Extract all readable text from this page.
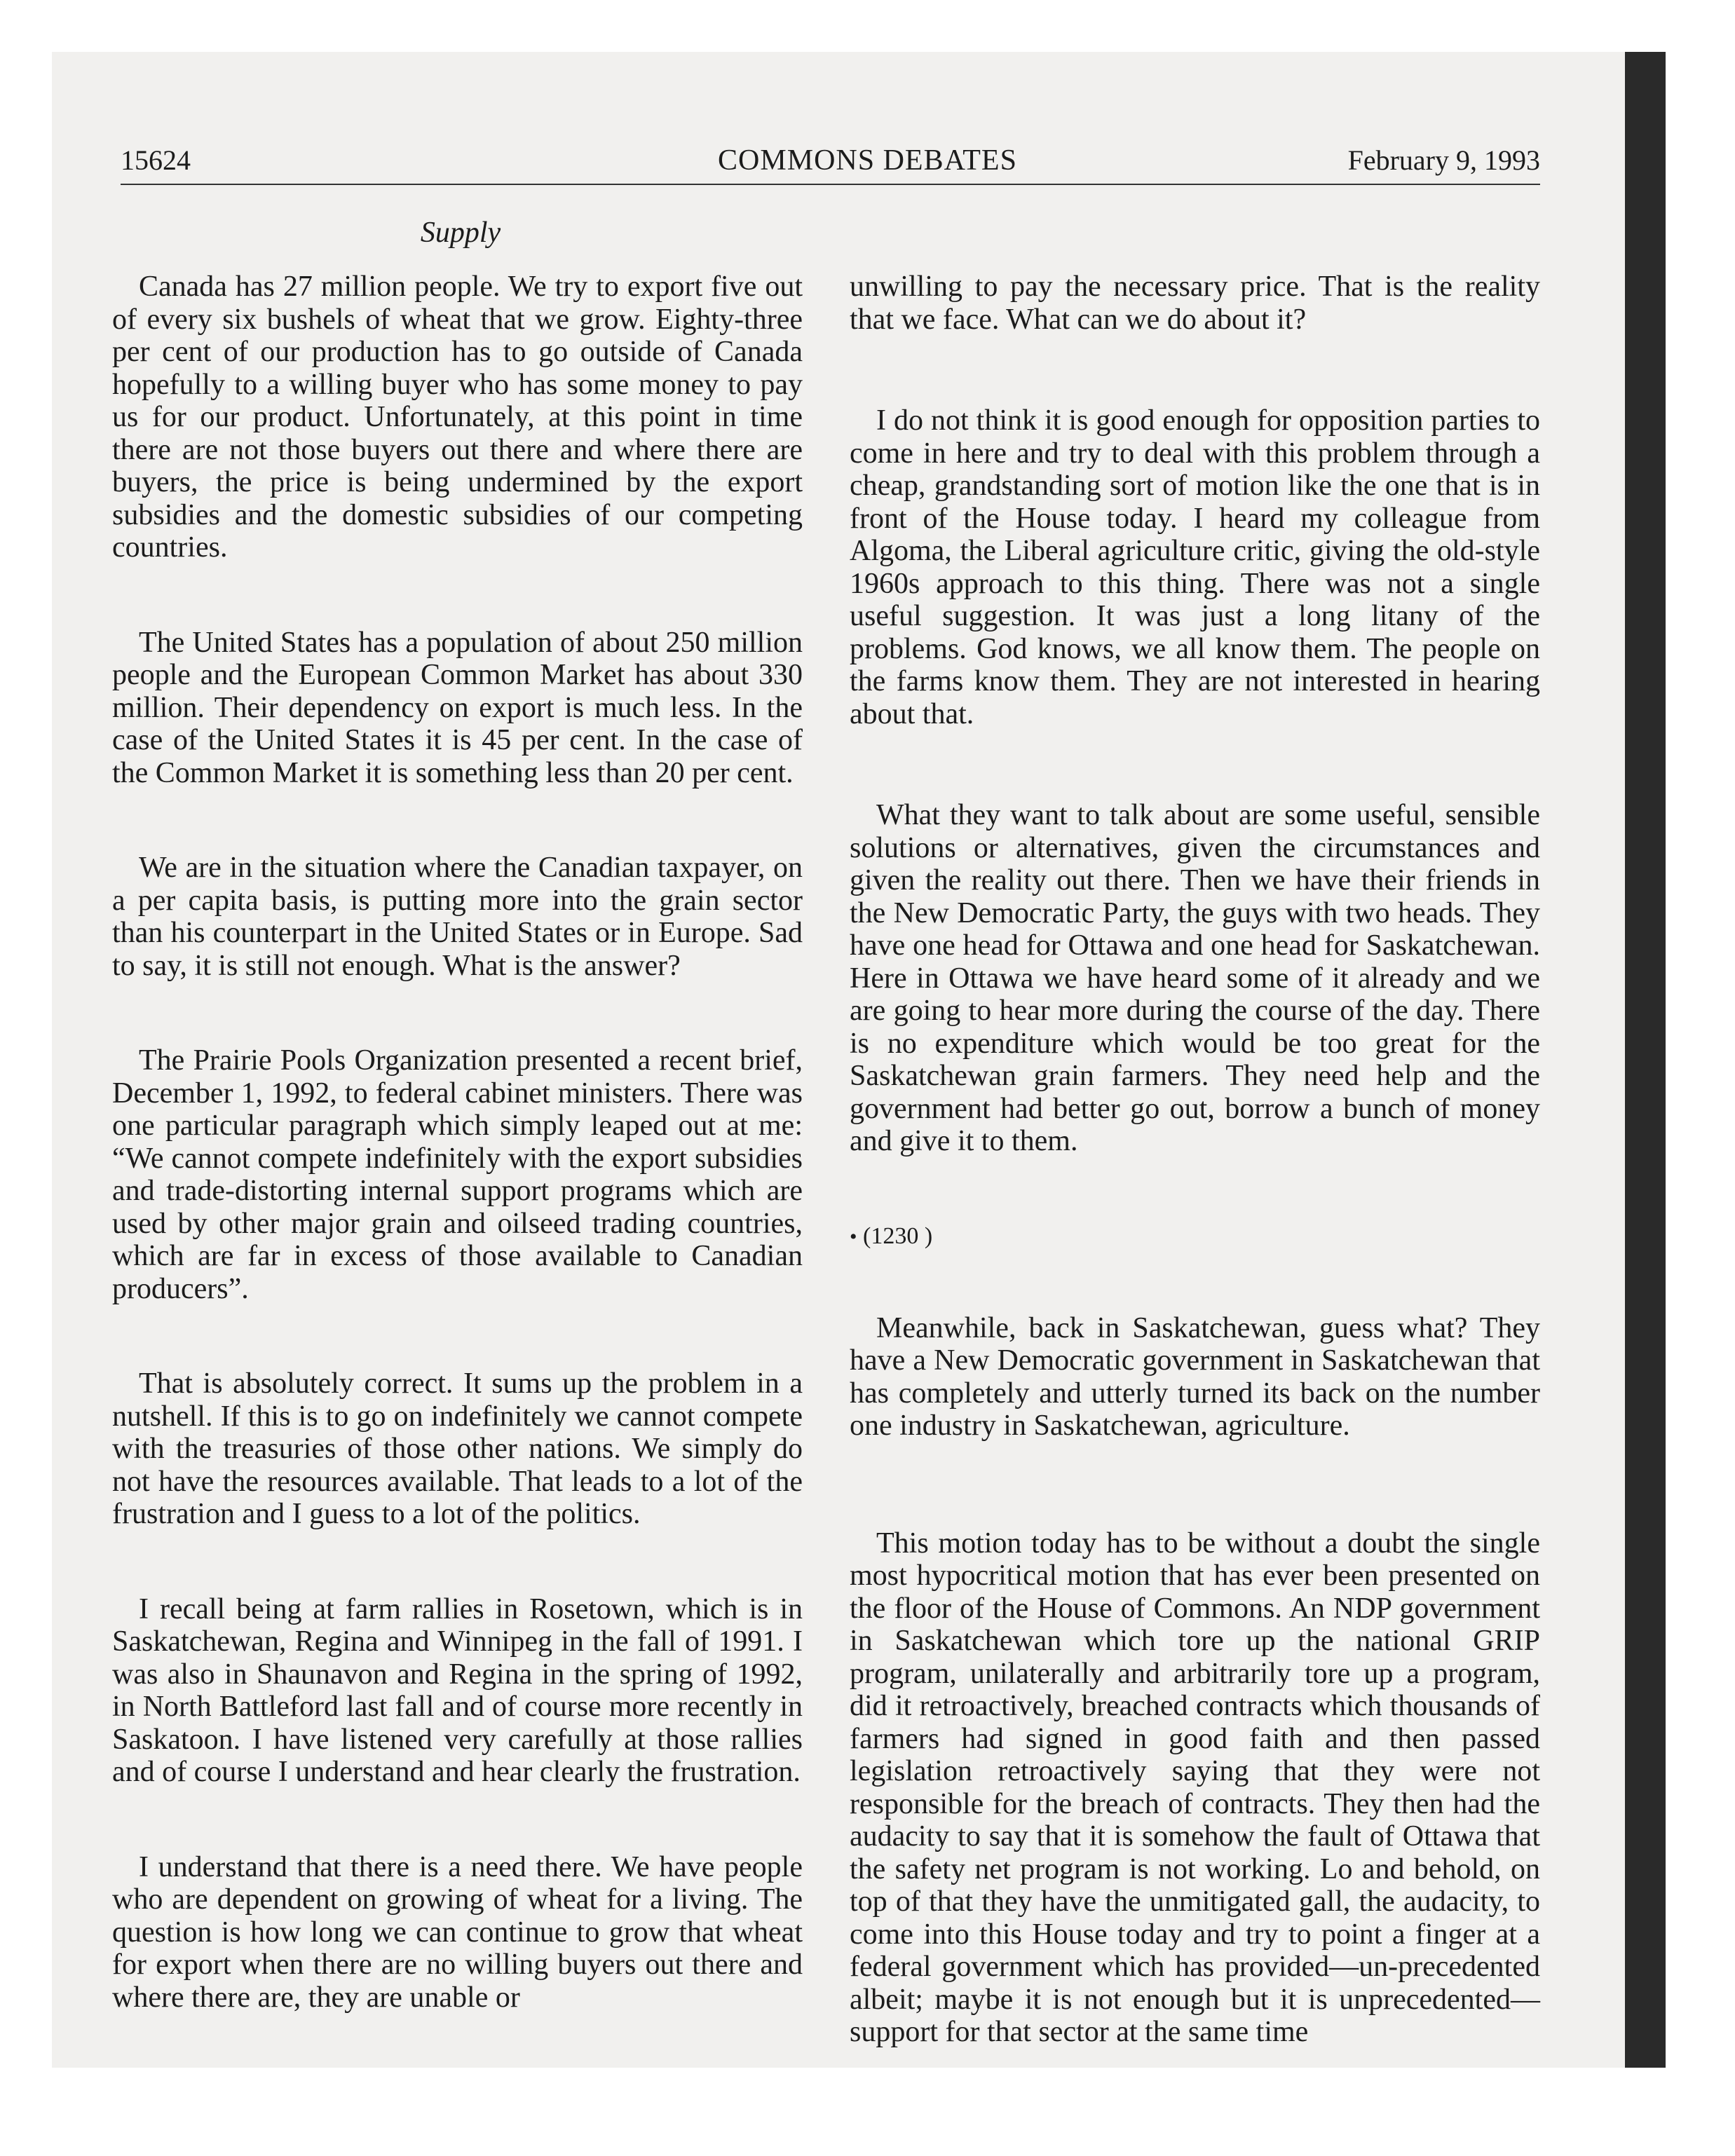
15624	COMMONS DEBATES	February 9, 1993
Supply

Canada has 27 million people. We try to export five out of every six bushels of wheat that we grow. Eighty-three per cent of our production has to go outside of Canada hopefully to a willing buyer who has some money to pay us for our product. Unfortunately, at this point in time there are not those buyers out there and where there are buyers, the price is being undermined by the export subsidies and the domestic subsidies of our competing countries.

The United States has a population of about 250 million people and the European Common Market has about 330 million. Their dependency on export is much less. In the case of the United States it is 45 per cent. In the case of the Common Market it is something less than 20 per cent.

We are in the situation where the Canadian taxpayer, on a per capita basis, is putting more into the grain sector than his counterpart in the United States or in Europe. Sad to say, it is still not enough. What is the answer?

The Prairie Pools Organization presented a recent brief, December 1, 1992, to federal cabinet ministers. There was one particular paragraph which simply leaped out at me: “We cannot compete indefinitely with the export subsidies and trade-distorting internal support programs which are used by other major grain and oilseed trading countries, which are far in excess of those available to Canadian producers”.

That is absolutely correct. It sums up the problem in a nutshell. If this is to go on indefinitely we cannot compete with the treasuries of those other nations. We simply do not have the resources available. That leads to a lot of the frustration and I guess to a lot of the politics.

I recall being at farm rallies in Rosetown, which is in Saskatchewan, Regina and Winnipeg in the fall of 1991. I was also in Shaunavon and Regina in the spring of 1992, in North Battleford last fall and of course more recently in Saskatoon. I have listened very carefully at those rallies and of course I understand and hear clearly the frustration.

I understand that there is a need there. We have people who are dependent on growing of wheat for a living. The question is how long we can continue to grow that wheat for export when there are no willing buyers out there and where there are, they are unable or

unwilling to pay the necessary price. That is the reality that we face. What can we do about it?

I do not think it is good enough for opposition parties to come in here and try to deal with this problem through a cheap, grandstanding sort of motion like the one that is in front of the House today. I heard my colleague from Algoma, the Liberal agriculture critic, giving the old-style 1960s approach to this thing. There was not a single useful suggestion. It was just a long litany of the problems. God knows, we all know them. The people on the farms know them. They are not interested in hearing about that.

What they want to talk about are some useful, sensible solutions or alternatives, given the circumstances and given the reality out there. Then we have their friends in the New Democratic Party, the guys with two heads. They have one head for Ottawa and one head for Saskatchewan. Here in Ottawa we have heard some of it already and we are going to hear more during the course of the day. There is no expenditure which would be too great for the Saskatchewan grain farmers. They need help and the government had better go out, borrow a bunch of money and give it to them.

• (1230 )

Meanwhile, back in Saskatchewan, guess what? They have a New Democratic government in Saskatchewan that has completely and utterly turned its back on the number one industry in Saskatchewan, agriculture.

This motion today has to be without a doubt the single most hypocritical motion that has ever been presented on the floor of the House of Commons. An NDP government in Saskatchewan which tore up the national GRIP program, unilaterally and arbitrarily tore up a program, did it retroactively, breached contracts which thousands of farmers had signed in good faith and then passed legislation retroactively saying that they were not responsible for the breach of contracts. They then had the audacity to say that it is somehow the fault of Ottawa that the safety net program is not working. Lo and behold, on top of that they have the unmitigated gall, the audacity, to come into this House today and try to point a finger at a federal government which has provided—un-precedented albeit; maybe it is not enough but it is unprecedented—support for that sector at the same time
